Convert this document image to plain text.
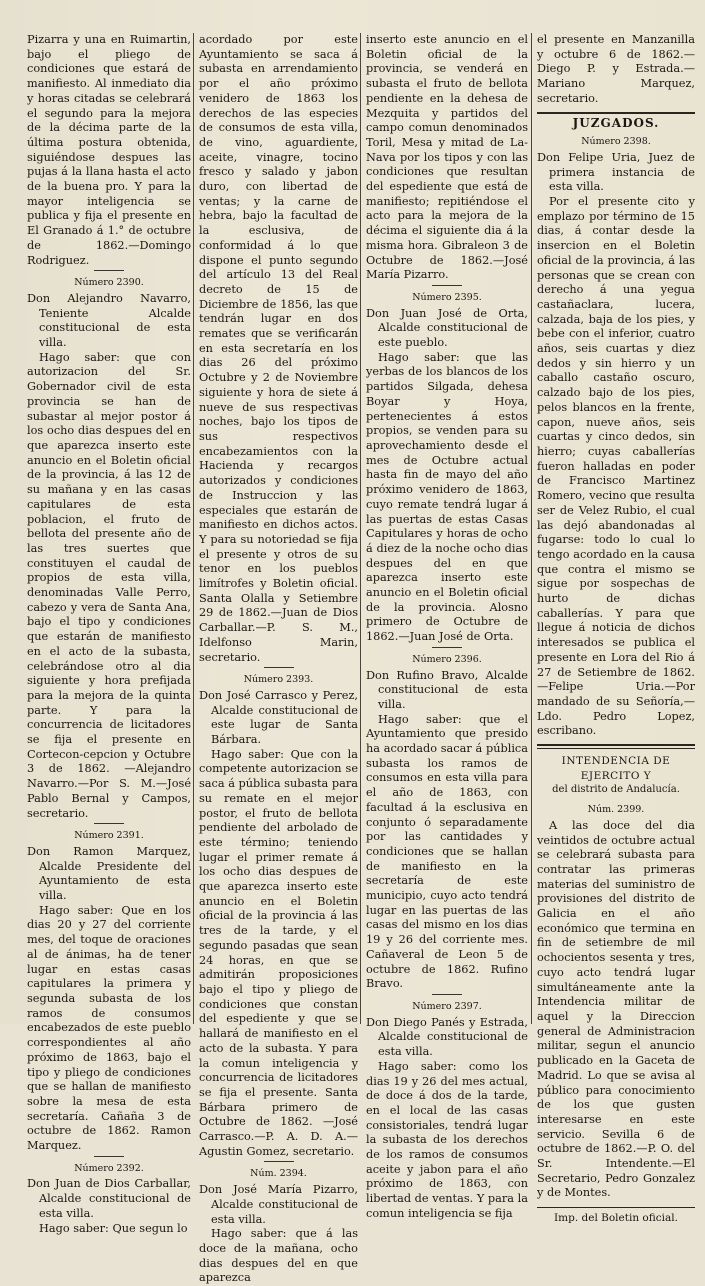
Pizarra y una en Ruimartin, bajo el pliego de condiciones que estará de manifiesto. Al inmediato dia y horas citadas se celebrará el segundo para la mejora de la décima parte de la última postura obtenida, siguiéndose despues las pujas á la llana hasta el acto de la buena pro. Y para la mayor inteligencia se publica y fija el presente en El Granado á 1.° de octubre de 1862.—Domingo Rodriguez.

Número 2390.

Don Alejandro Navarro, Teniente Alcalde constitucional de esta villa.

Hago saber: que con autorizacion del Sr. Gobernador civil de esta provincia se han de subastar al mejor postor á los ocho dias despues del en que aparezca inserto este anuncio en el Boletin oficial de la provincia, á las 12 de su mañana y en las casas capitulares de esta poblacion, el fruto de bellota del presente año de las tres suertes que constituyen el caudal de propios de esta villa, denominadas Valle Perro, cabezo y vera de Santa Ana, bajo el tipo y condiciones que estarán de manifiesto en el acto de la subasta, celebrándose otro al dia siguiente y hora prefijada para la mejora de la quinta parte. Y para la concurrencia de licitadores se fija el presente en Cortecon-cepcion y Octubre 3 de 1862. —Alejandro Navarro.—Por S. M.—José Pablo Bernal y Campos, secretario.

Número 2391.

Don Ramon Marquez, Alcalde Presidente del Ayuntamiento de esta villa.

Hago saber: Que en los dias 20 y 27 del corriente mes, del toque de oraciones al de ánimas, ha de tener lugar en estas casas capitulares la primera y segunda subasta de los ramos de consumos encabezados de este pueblo correspondientes al año próximo de 1863, bajo el tipo y pliego de condiciones que se hallan de manifiesto sobre la mesa de esta secretaría. Cañaña 3 de octubre de 1862. Ramon Marquez.

Número 2392.

Don Juan de Dios Carballar, Alcalde constitucional de esta villa.

Hago saber: Que segun lo

acordado por este Ayuntamiento se saca á subasta en arrendamiento por el año próximo venidero de 1863 los derechos de las especies de consumos de esta villa, de vino, aguardiente, aceite, vinagre, tocino fresco y salado y jabon duro, con libertad de ventas; y la carne de hebra, bajo la facultad de la esclusiva, de conformidad á lo que dispone el punto segundo del artículo 13 del Real decreto de 15 de Diciembre de 1856, las que tendrán lugar en dos remates que se verificarán en esta secretaría en los dias 26 del próximo Octubre y 2 de Noviembre siguiente y hora de siete á nueve de sus respectivas noches, bajo los tipos de sus respectivos encabezamientos con la Hacienda y recargos autorizados y condiciones de Instruccion y las especiales que estarán de manifiesto en dichos actos. Y para su notoriedad se fija el presente y otros de su tenor en los pueblos limítrofes y Boletin oficial. Santa Olalla y Setiembre 29 de 1862.—Juan de Dios Carballar.—P. S. M., Idelfonso Marin, secretario.

Número 2393.

Don José Carrasco y Perez, Alcalde constitucional de este lugar de Santa Bárbara.

Hago saber: Que con la competente autorizacion se saca á pública subasta para su remate en el mejor postor, el fruto de bellota pendiente del arbolado de este término; teniendo lugar el primer remate á los ocho dias despues de que aparezca inserto este anuncio en el Boletin oficial de la provincia á las tres de la tarde, y el segundo pasadas que sean 24 horas, en que se admitirán proposiciones bajo el tipo y pliego de condiciones que constan del espediente y que se hallará de manifiesto en el acto de la subasta. Y para la comun inteligencia y concurrencia de licitadores se fija el presente. Santa Bárbara primero de Octubre de 1862. —José Carrasco.—P. A. D. A.—Agustin Gomez, secretario.

Núm. 2394.

Don José María Pizarro, Alcalde constitucional de esta villa.

Hago saber: que á las doce de la mañana, ocho dias despues del en que aparezca

inserto este anuncio en el Boletin oficial de la provincia, se venderá en subasta el fruto de bellota pendiente en la dehesa de Mezquita y partidos del campo comun denominados Toril, Mesa y mitad de La-Nava por los tipos y con las condiciones que resultan del espediente que está de manifiesto; repitiéndose el acto para la mejora de la décima el siguiente dia á la misma hora. Gibraleon 3 de Octubre de 1862.—José María Pizarro.

Número 2395.

Don Juan José de Orta, Alcalde constitucional de este pueblo.

Hago saber: que las yerbas de los blancos de los partidos Silgada, dehesa Boyar y Hoya, pertenecientes á estos propios, se venden para su aprovechamiento desde el mes de Octubre actual hasta fin de mayo del año próximo venidero de 1863, cuyo remate tendrá lugar á las puertas de estas Casas Capitulares y horas de ocho á diez de la noche ocho dias despues del en que aparezca inserto este anuncio en el Boletin oficial de la provincia. Alosno primero de Octubre de 1862.—Juan José de Orta.

Número 2396.

Don Rufino Bravo, Alcalde constitucional de esta villa.

Hago saber: que el Ayuntamiento que presido ha acordado sacar á pública subasta los ramos de consumos en esta villa para el año de 1863, con facultad á la esclusiva en conjunto ó separadamente por las cantidades y condiciones que se hallan de manifiesto en la secretaría de este municipio, cuyo acto tendrá lugar en las puertas de las casas del mismo en los dias 19 y 26 del corriente mes. Cañaveral de Leon 5 de octubre de 1862. Rufino Bravo.

Número 2397.

Don Diego Panés y Estrada, Alcalde constitucional de esta villa.

Hago saber: como los dias 19 y 26 del mes actual, de doce á dos de la tarde, en el local de las casas consistoriales, tendrá lugar la subasta de los derechos de los ramos de consumos aceite y jabon para el año próximo de 1863, con libertad de ventas. Y para la comun inteligencia se fija

el presente en Manzanilla y octubre 6 de 1862.—Diego P. y Estrada.—Mariano Marquez, secretario.

JUZGADOS.
Número 2398.

Don Felipe Uria, Juez de primera instancia de esta villa.

Por el presente cito y emplazo por término de 15 dias, á contar desde la insercion en el Boletin oficial de la provincia, á las personas que se crean con derecho á una yegua castañaclara, lucera, calzada, baja de los pies, y bebe con el inferior, cuatro años, seis cuartas y diez dedos y sin hierro y un caballo castaño oscuro, calzado bajo de los pies, pelos blancos en la frente, capon, nueve años, seis cuartas y cinco dedos, sin hierro; cuyas caballerías fueron halladas en poder de Francisco Martinez Romero, vecino que resulta ser de Velez Rubio, el cual las dejó abandonadas al fugarse: todo lo cual lo tengo acordado en la causa que contra el mismo se sigue por sospechas de hurto de dichas caballerías. Y para que llegue á noticia de dichos interesados se publica el presente en Lora del Rio á 27 de Setiembre de 1862.—Felipe Uria.—Por mandado de su Señoría,—Ldo. Pedro Lopez, escribano.

INTENDENCIA DE EJERCITO Y
del distrito de Andalucía.
Núm. 2399.

A las doce del dia veintidos de octubre actual se celebrará subasta para contratar las primeras materias del suministro de provisiones del distrito de Galicia en el año económico que termina en fin de setiembre de mil ochocientos sesenta y tres, cuyo acto tendrá lugar simultáneamente ante la Intendencia militar de aquel y la Direccion general de Administracion militar, segun el anuncio publicado en la Gaceta de Madrid. Lo que se avisa al público para conocimiento de los que gusten interesarse en este servicio. Sevilla 6 de octubre de 1862.—P. O. del Sr. Intendente.—El Secretario, Pedro Gonzalez y de Montes.

Imp. del Boletin oficial.
